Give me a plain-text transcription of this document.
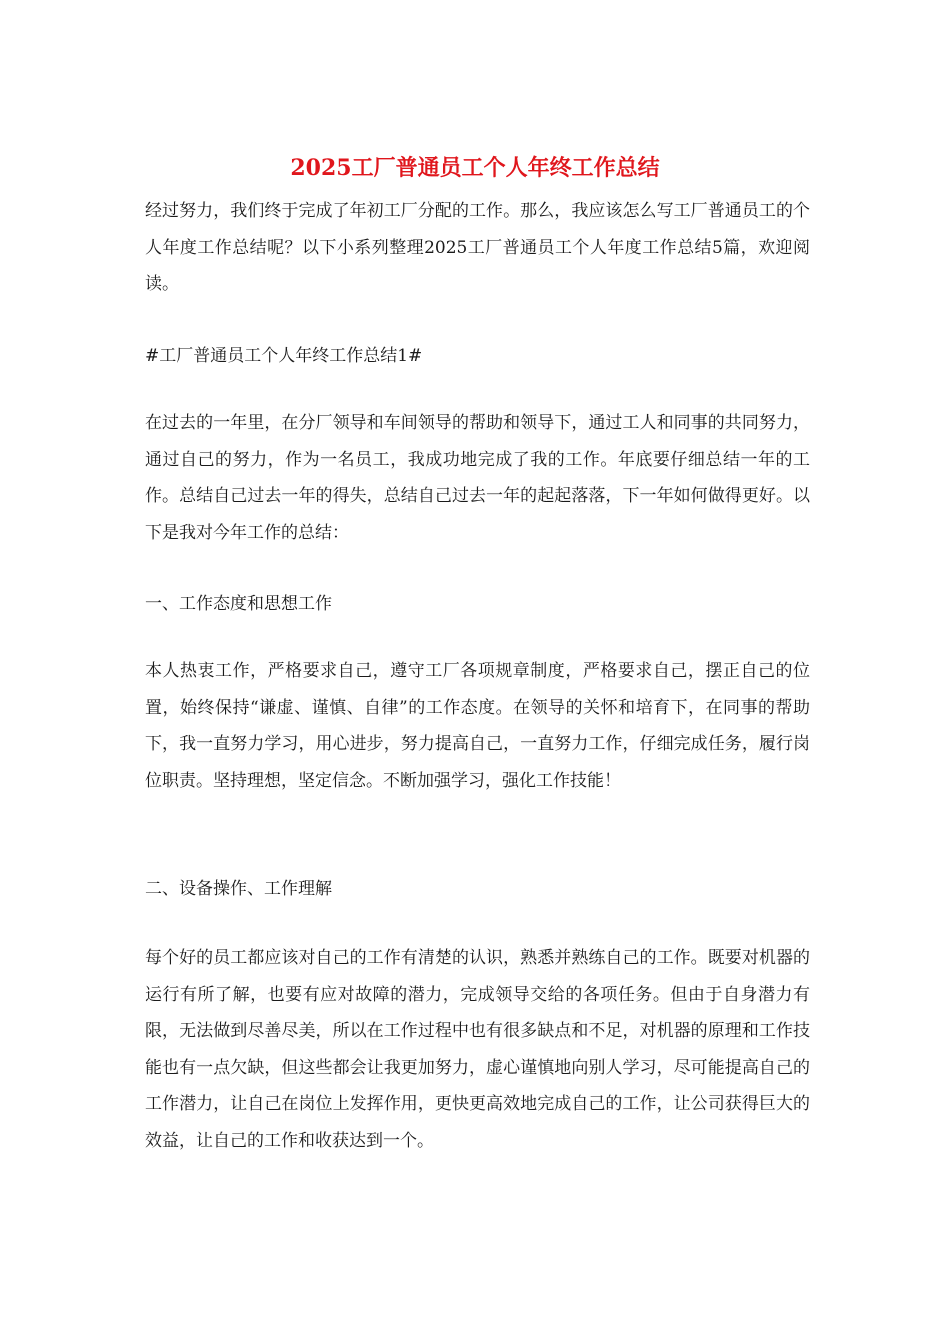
2025工厂普通员工个人年终工作总结

经过努力，我们终于完成了年初工厂分配的工作。那么，我应该怎么写工厂普通员工的个人年度工作总结呢？以下小系列整理2025工厂普通员工个人年度工作总结5篇，欢迎阅读。

#工厂普通员工个人年终工作总结1#

在过去的一年里，在分厂领导和车间领导的帮助和领导下，通过工人和同事的共同努力，通过自己的努力，作为一名员工，我成功地完成了我的工作。年底要仔细总结一年的工作。总结自己过去一年的得失，总结自己过去一年的起起落落，下一年如何做得更好。以下是我对今年工作的总结：

一、工作态度和思想工作

本人热衷工作，严格要求自己，遵守工厂各项规章制度，严格要求自己，摆正自己的位置，始终保持“谦虚、谨慎、自律”的工作态度。在领导的关怀和培育下，在同事的帮助下，我一直努力学习，用心进步，努力提高自己，一直努力工作，仔细完成任务，履行岗位职责。坚持理想，坚定信念。不断加强学习，强化工作技能！

二、设备操作、工作理解

每个好的员工都应该对自己的工作有清楚的认识，熟悉并熟练自己的工作。既要对机器的运行有所了解，也要有应对故障的潜力，完成领导交给的各项任务。但由于自身潜力有限，无法做到尽善尽美，所以在工作过程中也有很多缺点和不足，对机器的原理和工作技能也有一点欠缺，但这些都会让我更加努力，虚心谨慎地向别人学习，尽可能提高自己的工作潜力，让自己在岗位上发挥作用，更快更高效地完成自己的工作，让公司获得巨大的效益，让自己的工作和收获达到一个。
